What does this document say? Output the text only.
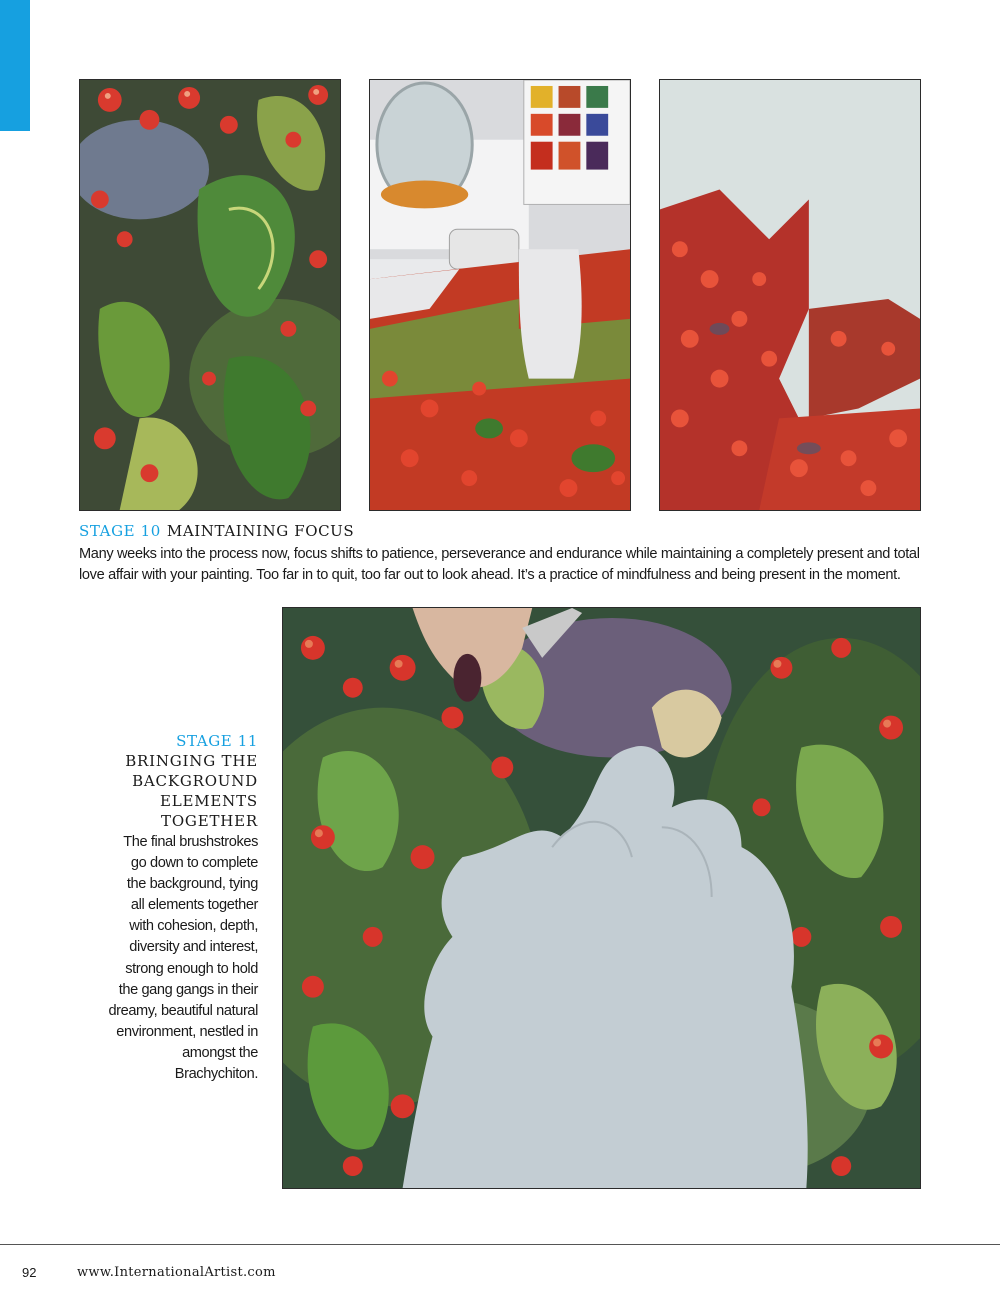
STAGE 10 MAINTAINING FOCUS
Many weeks into the process now, focus shifts to patience, perseverance and endurance while maintaining a completely present and total love affair with your painting. Too far in to quit, too far out to look ahead. It’s a practice of mindfulness and being present in the moment.
STAGE 11
BRINGING THE
BACKGROUND
ELEMENTS
TOGETHER
The final brushstrokes
go down to complete
the background, tying
all elements together
with cohesion, depth,
diversity and interest,
strong enough to hold
the gang gangs in their
dreamy, beautiful natural
environment, nestled in
amongst the Brachychiton.
92	www.InternationalArtist.com
